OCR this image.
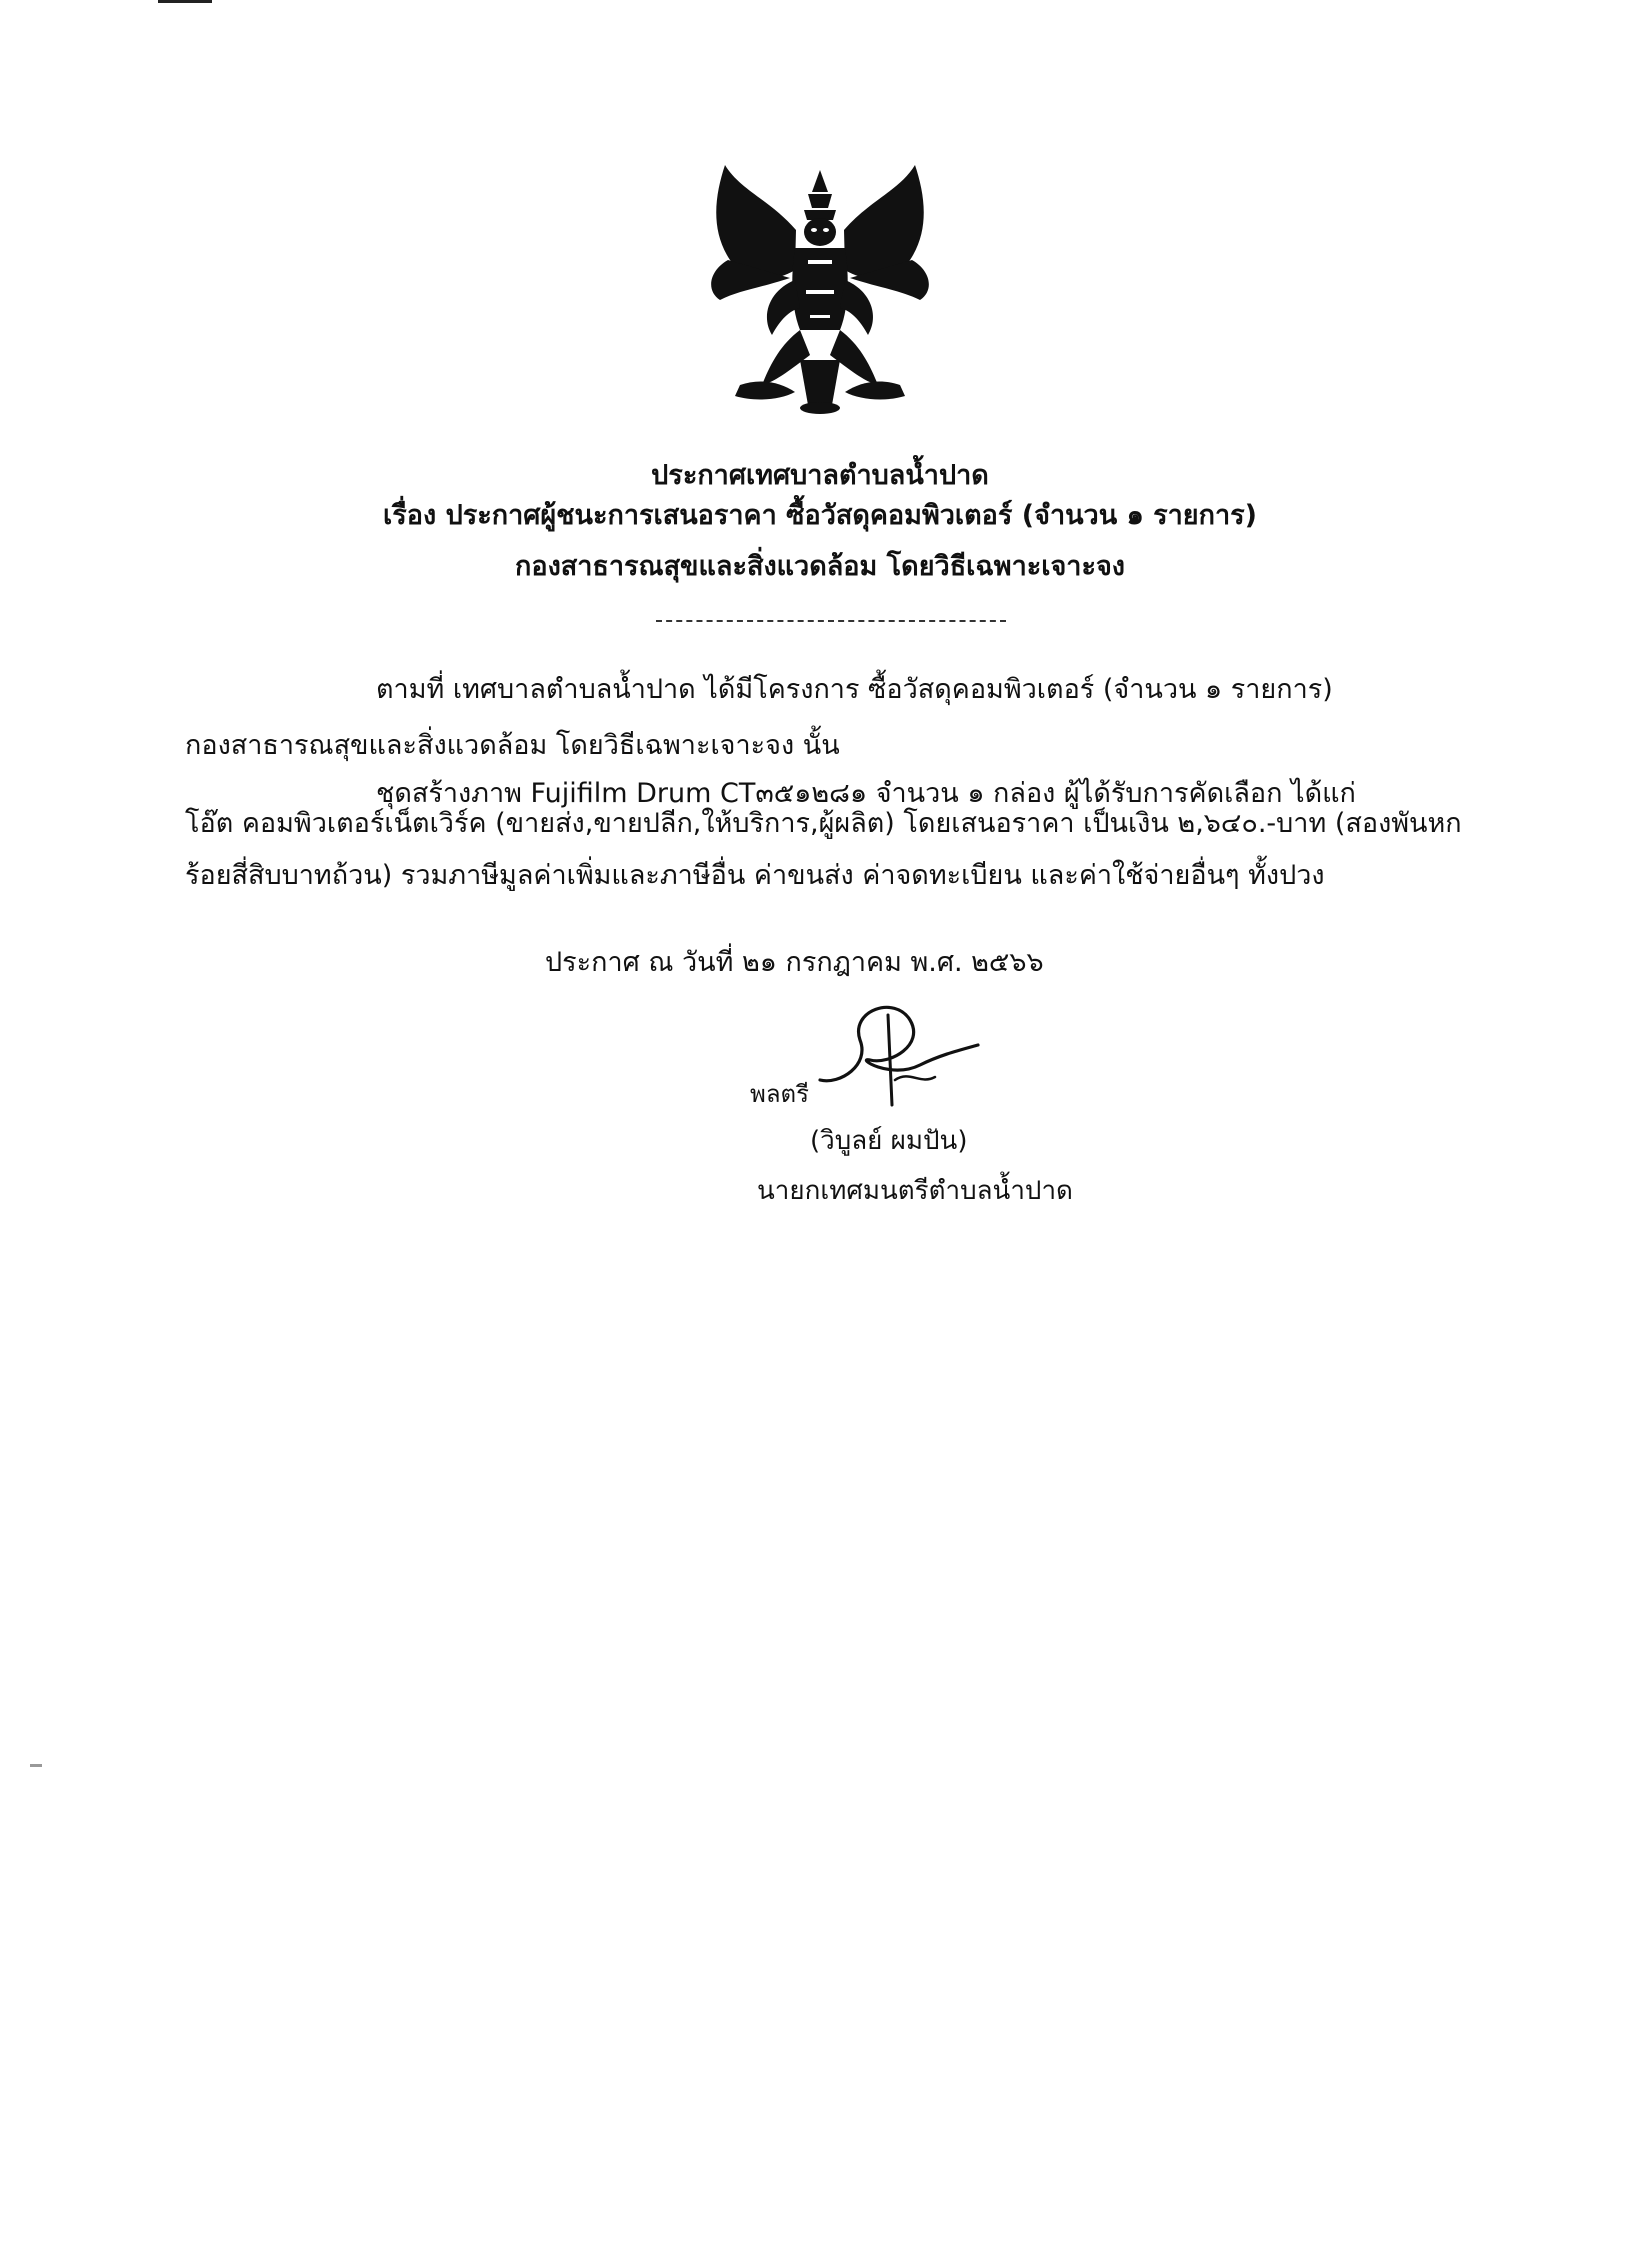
ประกาศเทศบาลตำบลน้ำปาด
เรื่อง ประกาศผู้ชนะการเสนอราคา ซื้อวัสดุคอมพิวเตอร์ (จำนวน ๑ รายการ)
กองสาธารณสุขและสิ่งแวดล้อม โดยวิธีเฉพาะเจาะจง
ตามที่ เทศบาลตำบลน้ำปาด ได้มีโครงการ ซื้อวัสดุคอมพิวเตอร์ (จำนวน ๑ รายการ)
กองสาธารณสุขและสิ่งแวดล้อม โดยวิธีเฉพาะเจาะจง นั้น
ชุดสร้างภาพ Fujifilm Drum CT๓๕๑๒๘๑ จำนวน ๑ กล่อง ผู้ได้รับการคัดเลือก ได้แก่
โอ๊ต คอมพิวเตอร์เน็ตเวิร์ค (ขายส่ง,ขายปลีก,ให้บริการ,ผู้ผลิต) โดยเสนอราคา เป็นเงิน ๒,๖๔๐.-บาท (สองพันหก
ร้อยสี่สิบบาทถ้วน) รวมภาษีมูลค่าเพิ่มและภาษีอื่น ค่าขนส่ง ค่าจดทะเบียน และค่าใช้จ่ายอื่นๆ ทั้งปวง
ประกาศ ณ วันที่ ๒๑ กรกฎาคม พ.ศ. ๒๕๖๖
พลตรี
(วิบูลย์ ผมปัน)
นายกเทศมนตรีตำบลน้ำปาด
